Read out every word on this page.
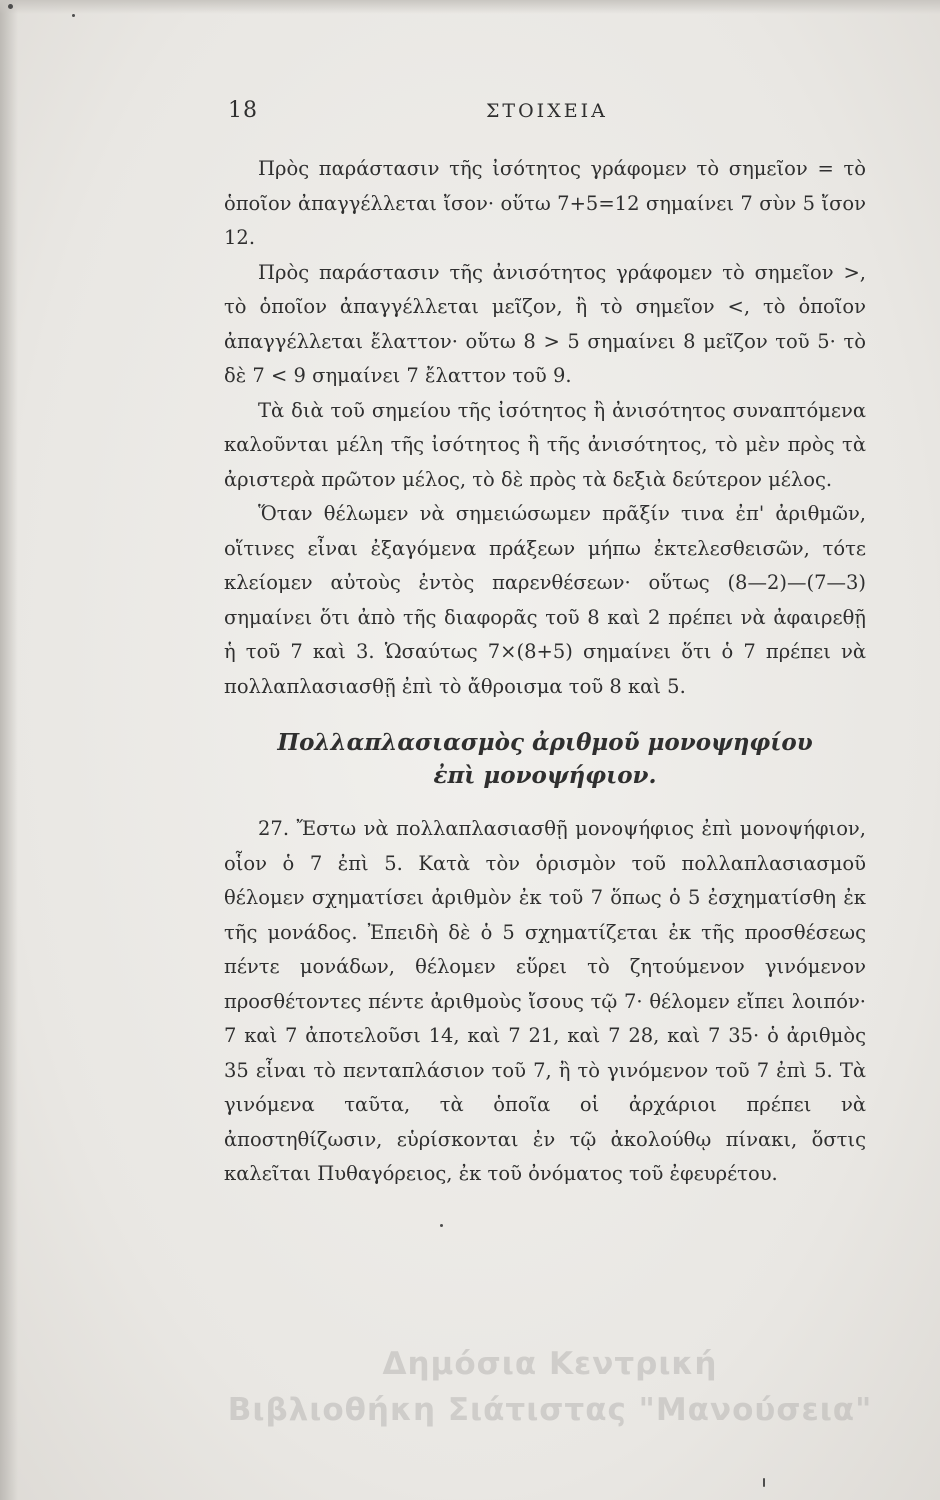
18	ΣΤΟΙΧΕΙΑ

Πρὸς παράστασιν τῆς ἰσότητος γράφομεν τὸ σημεῖον = τὸ ὁποῖον ἀπαγγέλλεται ἴσον· οὕτω 7+5=12 σημαίνει 7 σὺν 5 ἴσον 12.

Πρὸς παράστασιν τῆς ἀνισότητος γράφομεν τὸ σημεῖον >, τὸ ὁποῖον ἀπαγγέλλεται μεῖζον, ἢ τὸ σημεῖον <, τὸ ὁποῖον ἀπαγγέλλεται ἔλαττον· οὕτω 8 > 5 σημαίνει 8 μεῖζον τοῦ 5· τὸ δὲ 7 < 9 σημαίνει 7 ἔλαττον τοῦ 9.

Τὰ διὰ τοῦ σημείου τῆς ἰσότητος ἢ ἀνισότητος συναπτόμενα καλοῦνται μέλη τῆς ἰσότητος ἢ τῆς ἀνισότητος, τὸ μὲν πρὸς τὰ ἀριστερὰ πρῶτον μέλος, τὸ δὲ πρὸς τὰ δεξιὰ δεύτερον μέλος.

Ὅταν θέλωμεν νὰ σημειώσωμεν πρᾶξίν τινα ἐπ' ἀριθμῶν, οἵτινες εἶναι ἐξαγόμενα πράξεων μήπω ἐκτελεσθεισῶν, τότε κλείομεν αὐτοὺς ἐντὸς παρενθέσεων· οὕτως (8—2)—(7—3) σημαίνει ὅτι ἀπὸ τῆς διαφορᾶς τοῦ 8 καὶ 2 πρέπει νὰ ἀφαιρεθῇ ἡ τοῦ 7 καὶ 3. Ὡσαύτως 7×(8+5) σημαίνει ὅτι ὁ 7 πρέπει νὰ πολλαπλασιασθῇ ἐπὶ τὸ ἄθροισμα τοῦ 8 καὶ 5.

Πολλαπλασιασμὸς ἀριθμοῦ μονοψηφίου
ἐπὶ μονοψήφιον.

27. Ἔστω νὰ πολλαπλασιασθῇ μονοψήφιος ἐπὶ μονοψήφιον, οἷον ὁ 7 ἐπὶ 5. Κατὰ τὸν ὁρισμὸν τοῦ πολλαπλασιασμοῦ θέλομεν σχηματίσει ἀριθμὸν ἐκ τοῦ 7 ὅπως ὁ 5 ἐσχηματίσθη ἐκ τῆς μονάδος. Ἐπειδὴ δὲ ὁ 5 σχηματίζεται ἐκ τῆς προσθέσεως πέντε μονάδων, θέλομεν εὕρει τὸ ζητούμενον γινόμενον προσθέτοντες πέντε ἀριθμοὺς ἴσους τῷ 7· θέλομεν εἴπει λοιπόν· 7 καὶ 7 ἀποτελοῦσι 14, καὶ 7 21, καὶ 7 28, καὶ 7 35· ὁ ἀριθμὸς 35 εἶναι τὸ πενταπλάσιον τοῦ 7, ἢ τὸ γινόμενον τοῦ 7 ἐπὶ 5. Τὰ γινόμενα ταῦτα, τὰ ὁποῖα οἱ ἀρχάριοι πρέπει νὰ ἀποστηθίζωσιν, εὑρίσκονται ἐν τῷ ἀκολούθῳ πίνακι, ὅστις καλεῖται Πυθαγόρειος, ἐκ τοῦ ὀνόματος τοῦ ἐφευρέτου.

Δημόσια Κεντρική
Βιβλιοθήκη Σιάτιστας "Μανούσεια"
